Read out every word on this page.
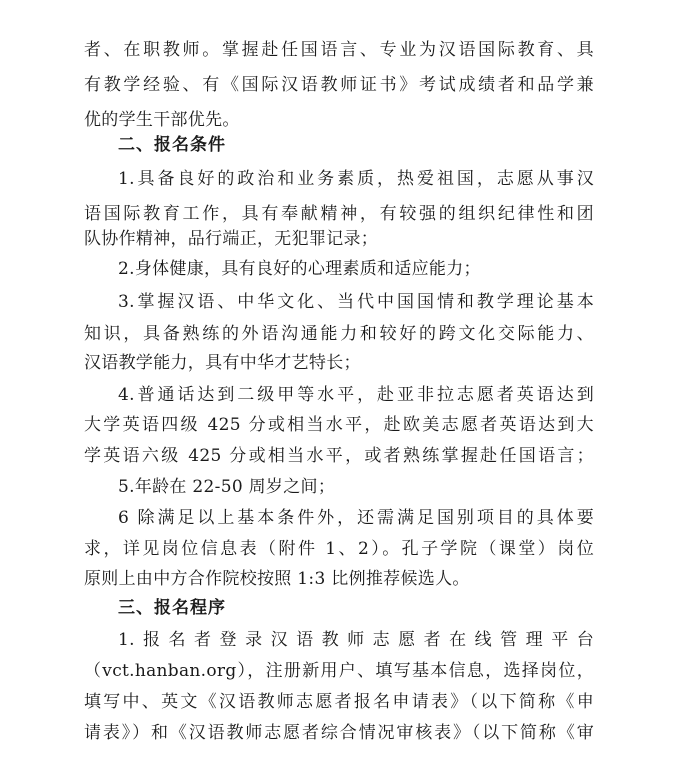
者、在职教师。掌握赴任国语言、专业为汉语国际教育、具
有教学经验、有《国际汉语教师证书》考试成绩者和品学兼
优的学生干部优先。
二、报名条件
1.具备良好的政治和业务素质，热爱祖国，志愿从事汉
语国际教育工作，具有奉献精神，有较强的组织纪律性和团
队协作精神，品行端正，无犯罪记录；
2.身体健康，具有良好的心理素质和适应能力；
3.掌握汉语、中华文化、当代中国国情和教学理论基本
知识，具备熟练的外语沟通能力和较好的跨文化交际能力、
汉语教学能力，具有中华才艺特长；
4.普通话达到二级甲等水平，赴亚非拉志愿者英语达到
大学英语四级 425 分或相当水平，赴欧美志愿者英语达到大
学英语六级 425 分或相当水平，或者熟练掌握赴任国语言；
5.年龄在 22-50 周岁之间；
6 除满足以上基本条件外，还需满足国别项目的具体要
求，详见岗位信息表（附件 1、2）。孔子学院（课堂）岗位
原则上由中方合作院校按照 1:3 比例推荐候选人。
三、报名程序
1.报名者登录汉语教师志愿者在线管理平台
（vct.hanban.org），注册新用户、填写基本信息，选择岗位，
填写中、英文《汉语教师志愿者报名申请表》（以下简称《申
请表》）和《汉语教师志愿者综合情况审核表》（以下简称《审
